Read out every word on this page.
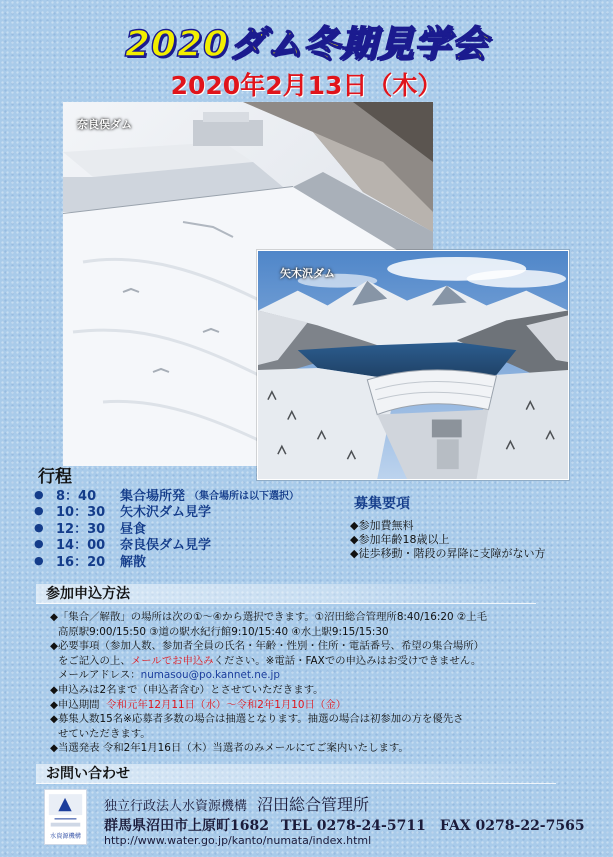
2020ダム冬期見学会
2020年2月13日（木）
奈良俣ダム
矢木沢ダム
行程
● 8：40	集合場所発 （集合場所は以下選択）
● 10：30	矢木沢ダム見学
● 12：30	昼食
● 14：00	奈良俣ダム見学
● 16：20	解散
募集要項
◆参加費無料
◆参加年齢18歳以上
◆徒歩移動・階段の昇降に支障がない方
参加申込方法

◆「集合／解散」の場所は次の①～④から選択できます。①沼田総合管理所8:40/16:20 ②上毛

高原駅9:00/15:50 ③道の駅水紀行館9:10/15:40 ④水上駅9:15/15:30

◆必要事項（参加人数、参加者全員の氏名・年齢・性別・住所・電話番号、希望の集合場所）

をご記入の上、メールでお申込みください。※電話・FAXでの申込みはお受けできません。

メールアドレス：numasou@po.kannet.ne.jp

◆申込みは2名まで（申込者含む）とさせていただきます。

◆申込期間 令和元年12月11日（水）～令和2年1月10日（金）

◆募集人数15名※応募者多数の場合は抽選となります。抽選の場合は初参加の方を優先さ

せていただきます。

◆当選発表 令和2年1月16日（木）当選者のみメールにてご案内いたします。

お問い合わせ
水資源機構
独立行政法人水資源機構 沼田総合管理所
群馬県沼田市上原町1682 TEL 0278-24-5711 FAX 0278-22-7565
http://www.water.go.jp/kanto/numata/index.html
